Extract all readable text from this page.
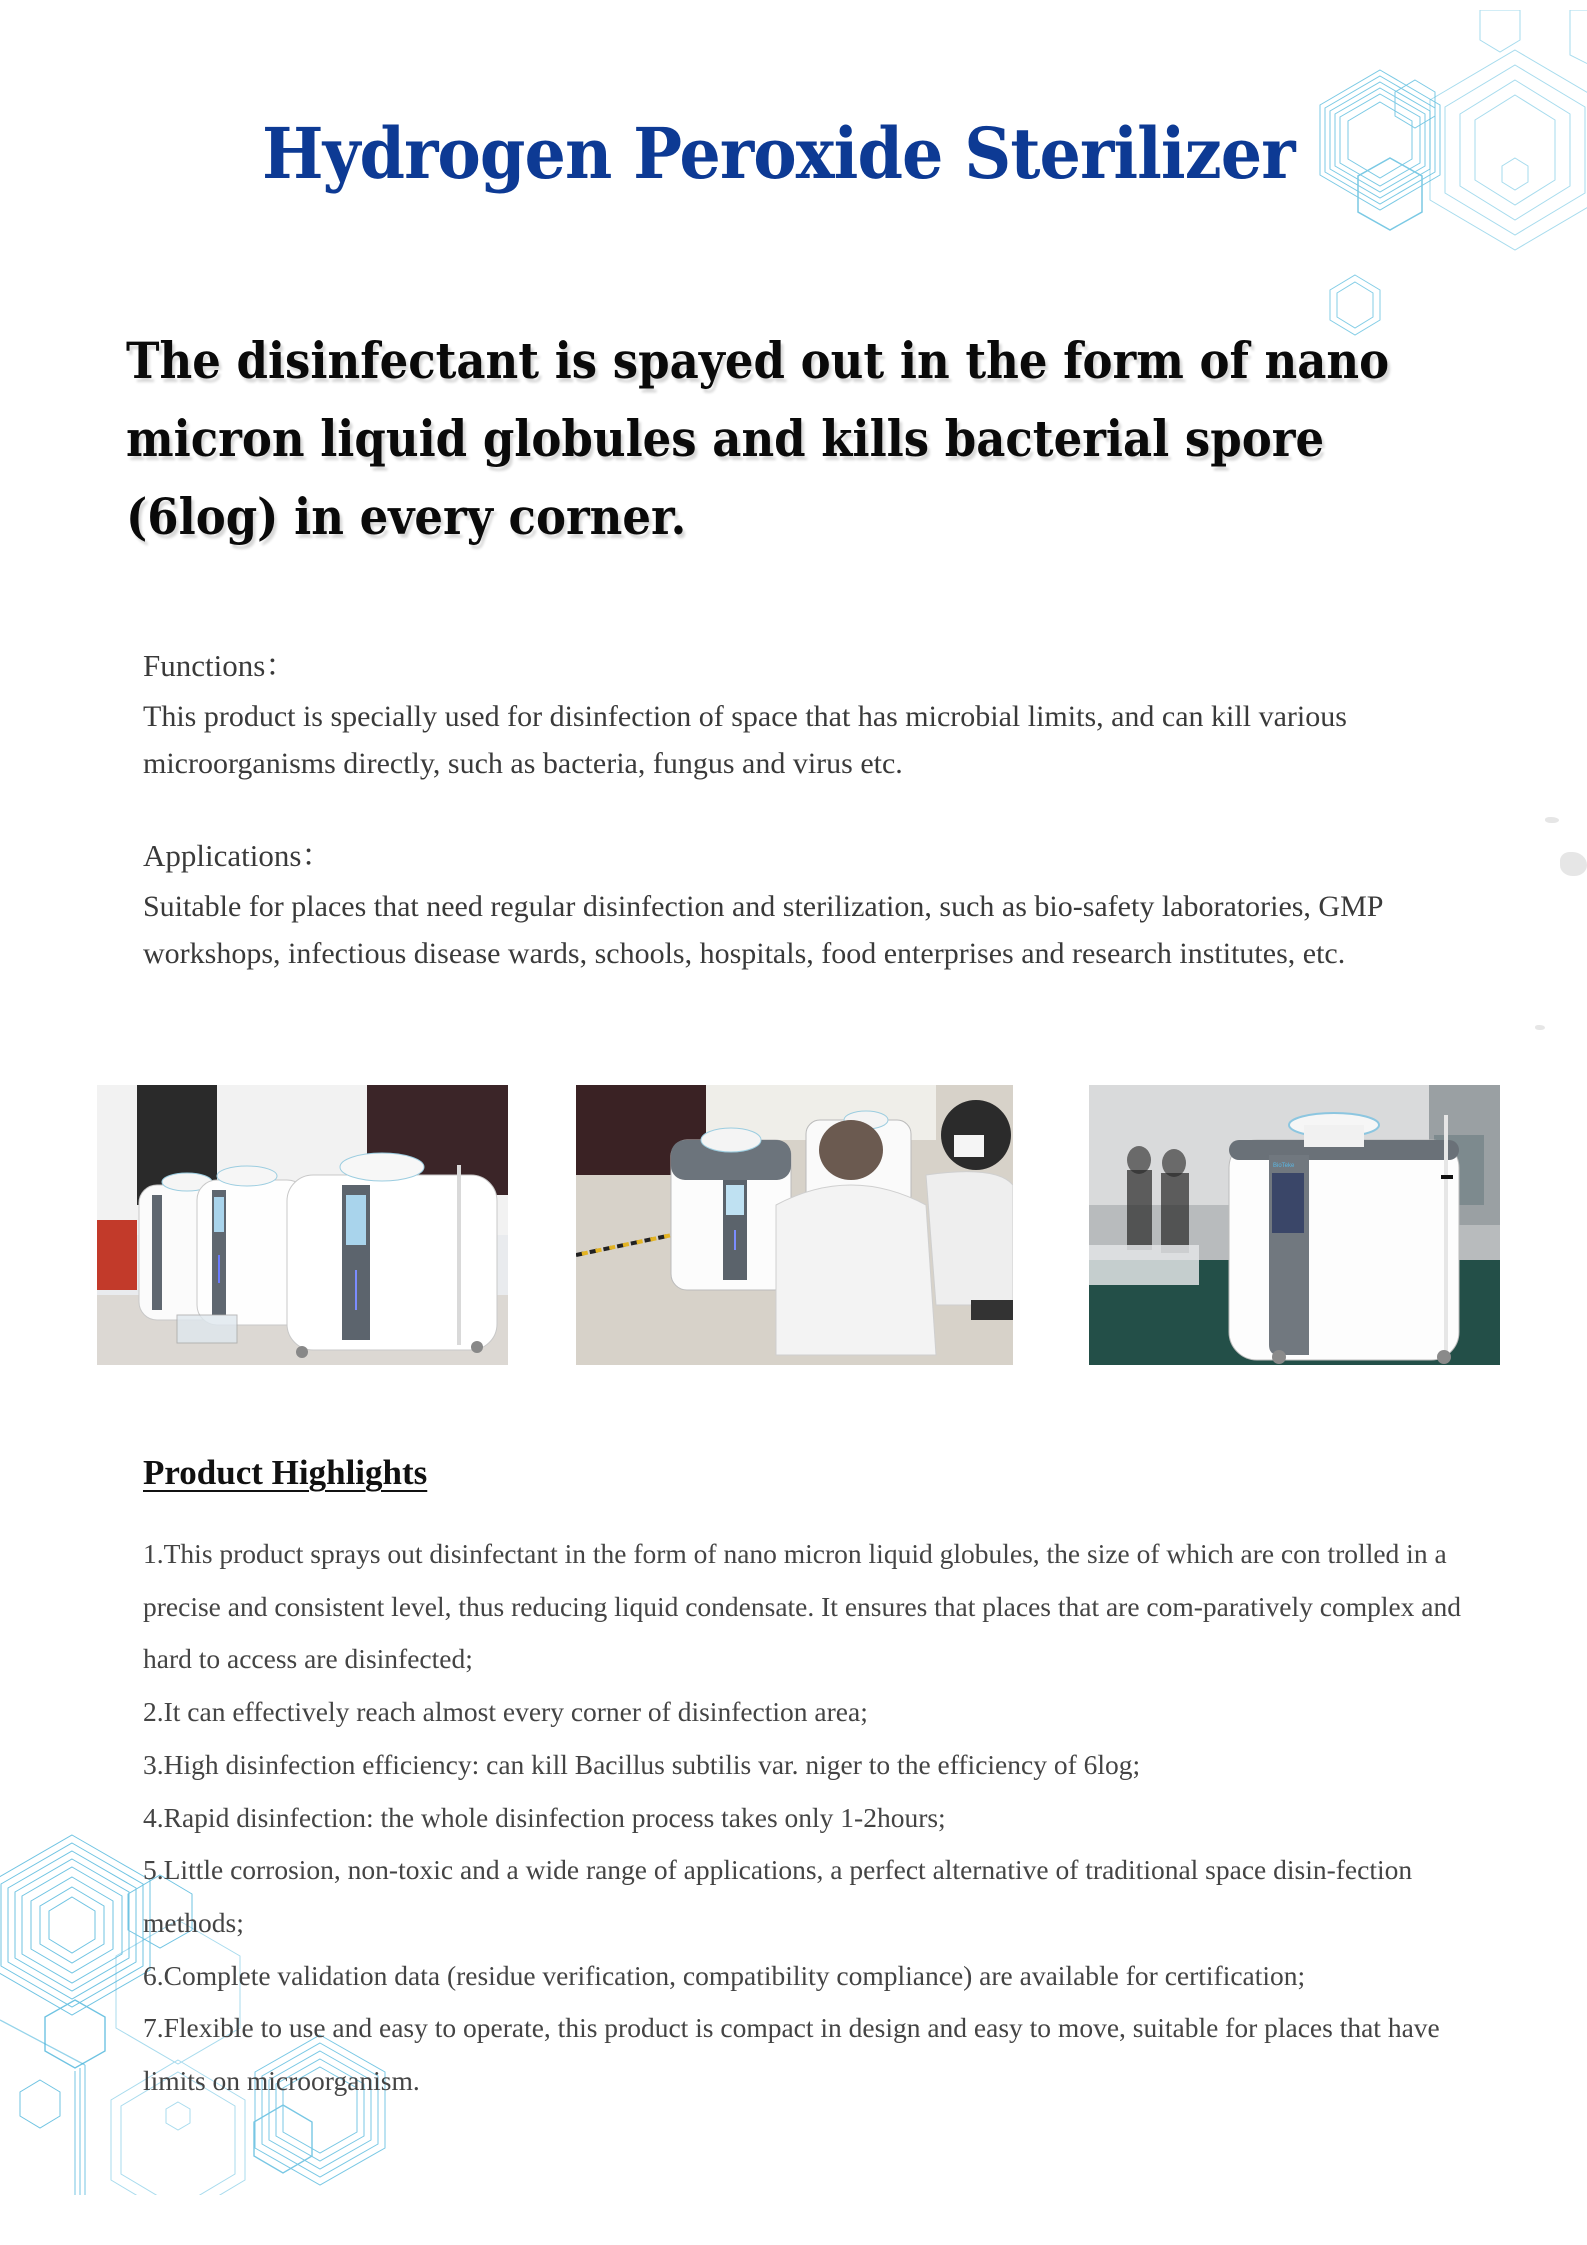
Hydrogen Peroxide Sterilizer

The disinfectant is spayed out in the form of nano micron liquid globules and kills bacterial spore (6log) in every corner.

Functions：

This product is specially used for disinfection of space that has microbial limits, and can kill various microorganisms directly, such as bacteria, fungus and virus etc.

Applications：

Suitable for places that need regular disinfection and sterilization, such as bio-safety laboratories, GMP workshops, infectious disease wards, schools, hospitals, food enterprises and research institutes, etc.

BioTeke
Product Highlights
1.This product sprays out disinfectant in the form of nano micron liquid globules, the size of which are con trolled in a precise and consistent level, thus reducing liquid condensate. It ensures that places that are com-paratively complex and hard to access are disinfected;
2.It can effectively reach almost every corner of disinfection area;
3.High disinfection efficiency: can kill Bacillus subtilis var. niger to the efficiency of 6log;
4.Rapid disinfection: the whole disinfection process takes only 1-2hours;
5.Little corrosion, non-toxic and a wide range of applications, a perfect alternative of traditional space disin-fection methods;
6.Complete validation data (residue verification, compatibility compliance) are available for certification;
7.Flexible to use and easy to operate, this product is compact in design and easy to move, suitable for places that have limits on microorganism.
